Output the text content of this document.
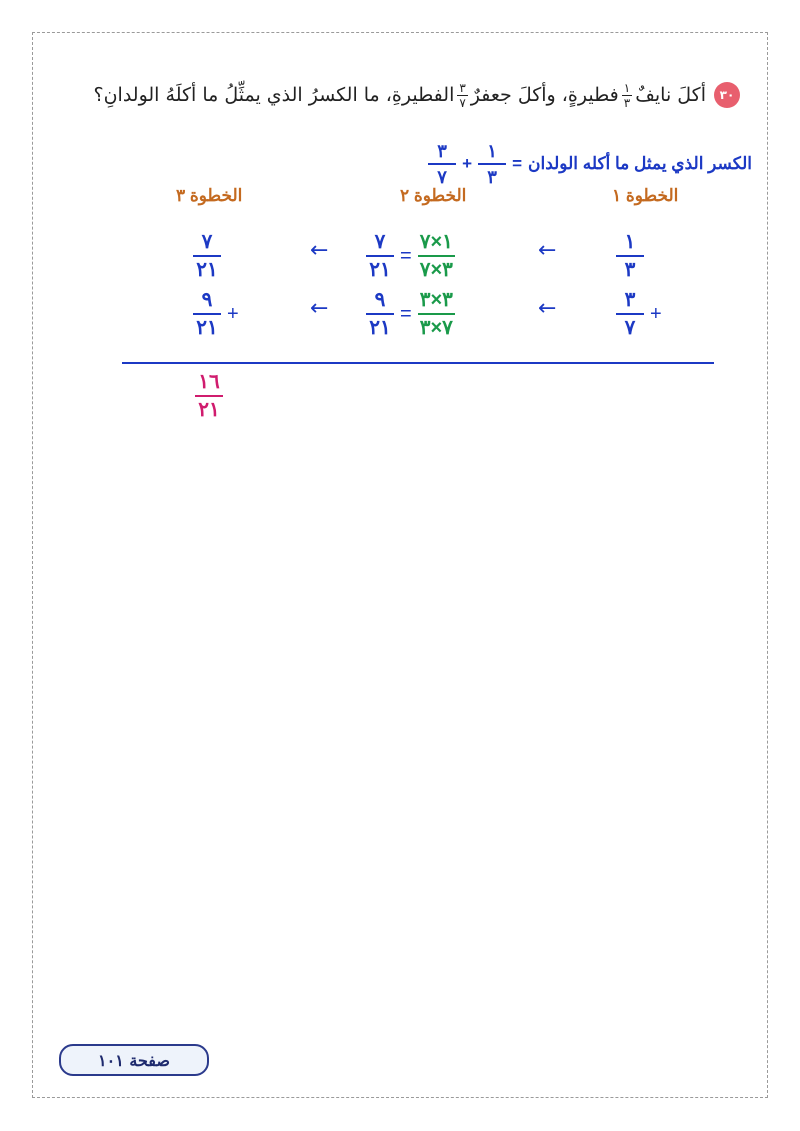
٣٠
أكلَ نايفٌ
١
٣
فطيرةٍ، وأكلَ جعفرٌ
٣
٧
الفطيرةِ، ما الكسرُ الذي يمثِّلُ ما أكلَهُ الولدانِ؟
الكسر الذي يمثل ما أكله الولدان
=
$\frac{١}{٣}$
+
$\frac{٣}{٧}$
الخطوة ١
الخطوة ٢
الخطوة ٣
$\frac{١}{٣}$
←
$\frac{٧}{٢١} = \frac{١\times ٧}{٣\times ٧}$
←
$\frac{٧}{٢١}$
$\frac{٣}{٧}$ +
←
$\frac{٩}{٢١} = \frac{٣\times ٣}{٧\times ٣}$
←
$\frac{٩}{٢١}$ +
$\frac{١٦}{٢١}$
صفحة ١٠١
